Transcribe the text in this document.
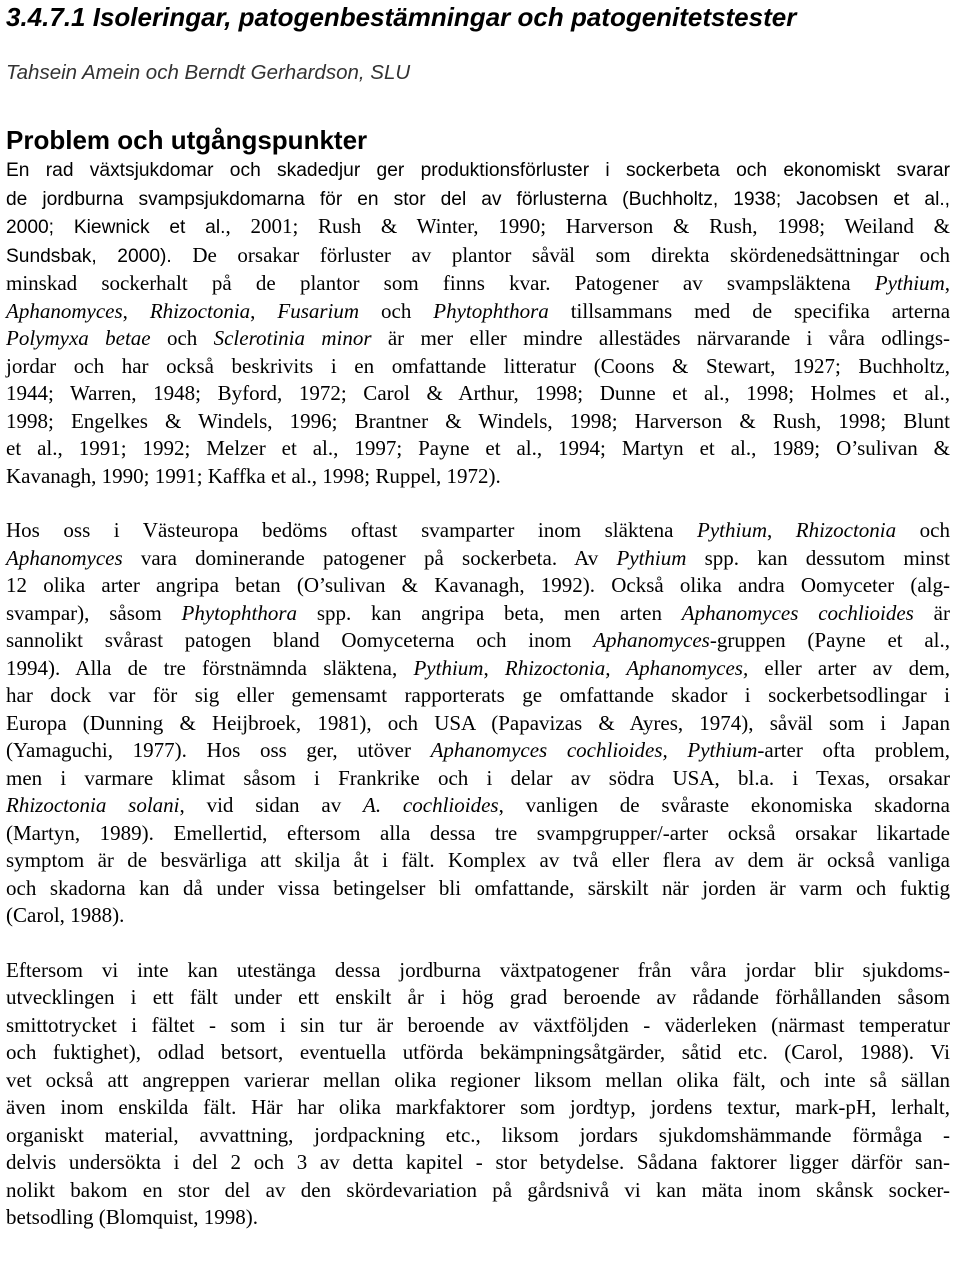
3.4.7.1 Isoleringar, patogenbestämningar och patogenitetstester
Tahsein Amein och Berndt Gerhardson, SLU
Problem och utgångspunkter
En rad växtsjukdomar och skadedjur ger produktionsförluster i sockerbeta och ekonomiskt svarar
de jordburna svampsjukdomarna för en stor del av förlusterna (Buchholtz, 1938; Jacobsen et al.,
2000; Kiewnick et al., 2001; Rush & Winter, 1990; Harverson & Rush, 1998; Weiland &
Sundsbak, 2000). De orsakar förluster av plantor såväl som direkta skördenedsättningar och
minskad sockerhalt på de plantor som finns kvar. Patogener av svampsläktena Pythium,
Aphanomyces, Rhizoctonia, Fusarium och Phytophthora tillsammans med de specifika arterna
Polymyxa betae och Sclerotinia minor är mer eller mindre allestädes närvarande i våra odlings-
jordar och har också beskrivits i en omfattande litteratur (Coons & Stewart, 1927; Buchholtz,
1944; Warren, 1948; Byford, 1972; Carol & Arthur, 1998; Dunne et al., 1998; Holmes et al.,
1998; Engelkes & Windels, 1996; Brantner & Windels, 1998; Harverson & Rush, 1998; Blunt
et al., 1991; 1992; Melzer et al., 1997; Payne et al., 1994; Martyn et al., 1989; O’sulivan &
Kavanagh, 1990; 1991; Kaffka et al., 1998; Ruppel, 1972).
Hos oss i Västeuropa bedöms oftast svamparter inom släktena Pythium, Rhizoctonia och
Aphanomyces vara dominerande patogener på sockerbeta. Av Pythium spp. kan dessutom minst
12 olika arter angripa betan (O’sulivan & Kavanagh, 1992). Också olika andra Oomyceter (alg-
svampar), såsom Phytophthora spp. kan angripa beta, men arten Aphanomyces cochlioides är
sannolikt svårast patogen bland Oomyceterna och inom Aphanomyces-gruppen (Payne et al.,
1994). Alla de tre förstnämnda släktena, Pythium, Rhizoctonia, Aphanomyces, eller arter av dem,
har dock var för sig eller gemensamt rapporterats ge omfattande skador i sockerbetsodlingar i
Europa (Dunning & Heijbroek, 1981), och USA (Papavizas & Ayres, 1974), såväl som i Japan
(Yamaguchi, 1977). Hos oss ger, utöver Aphanomyces cochlioides, Pythium-arter ofta problem,
men i varmare klimat såsom i Frankrike och i delar av södra USA, bl.a. i Texas, orsakar
Rhizoctonia solani, vid sidan av A. cochlioides, vanligen de svåraste ekonomiska skadorna
(Martyn, 1989). Emellertid, eftersom alla dessa tre svampgrupper/-arter också orsakar likartade
symptom är de besvärliga att skilja åt i fält. Komplex av två eller flera av dem är också vanliga
och skadorna kan då under vissa betingelser bli omfattande, särskilt när jorden är varm och fuktig
(Carol, 1988).
Eftersom vi inte kan utestänga dessa jordburna växtpatogener från våra jordar blir sjukdoms-
utvecklingen i ett fält under ett enskilt år i hög grad beroende av rådande förhållanden såsom
smittotrycket i fältet - som i sin tur är beroende av växtföljden - väderleken (närmast temperatur
och fuktighet), odlad betsort, eventuella utförda bekämpningsåtgärder, såtid etc. (Carol, 1988). Vi
vet också att angreppen varierar mellan olika regioner liksom mellan olika fält, och inte så sällan
även inom enskilda fält. Här har olika markfaktorer som jordtyp, jordens textur, mark-pH, lerhalt,
organiskt material, avvattning, jordpackning etc., liksom jordars sjukdomshämmande förmåga -
delvis undersökta i del 2 och 3 av detta kapitel - stor betydelse. Sådana faktorer ligger därför san-
nolikt bakom en stor del av den skördevariation på gårdsnivå vi kan mäta inom skånsk socker-
betsodling (Blomquist, 1998).
